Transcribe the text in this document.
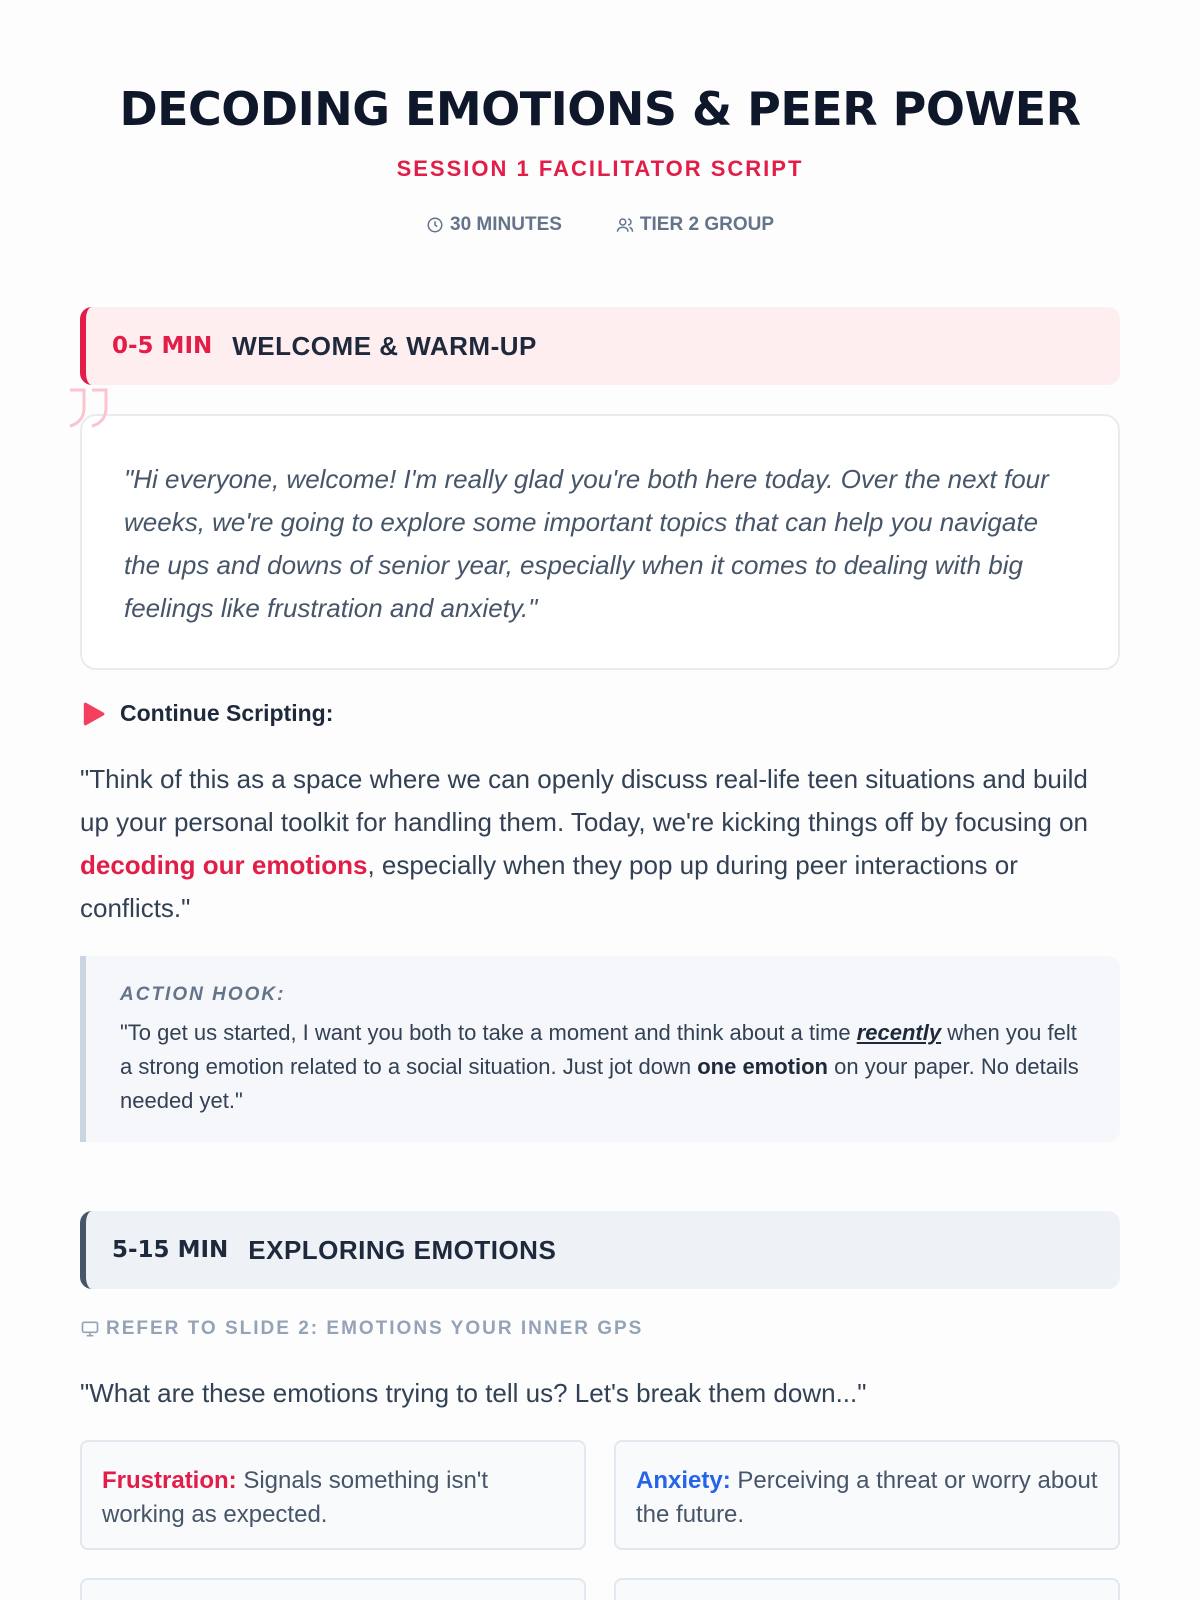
DECODING EMOTIONS & PEER POWER
SESSION 1 FACILITATOR SCRIPT
30 MINUTES	TIER 2 GROUP
0-5 MIN WELCOME & WARM-UP

"Hi everyone, welcome! I'm really glad you're both here today. Over the next four weeks, we're going to explore some important topics that can help you navigate the ups and downs of senior year, especially when it comes to dealing with big feelings like frustration and anxiety."

Continue Scripting:

"Think of this as a space where we can openly discuss real-life teen situations and build up your personal toolkit for handling them. Today, we're kicking things off by focusing on decoding our emotions, especially when they pop up during peer interactions or conflicts."

ACTION HOOK:

"To get us started, I want you both to take a moment and think about a time recently when you felt a strong emotion related to a social situation. Just jot down one emotion on your paper. No details needed yet."

5-15 MIN EXPLORING EMOTIONS
REFER TO SLIDE 2: EMOTIONS YOUR INNER GPS

"What are these emotions trying to tell us? Let's break them down..."

Frustration: Signals something isn't working as expected.
Anxiety: Perceiving a threat or worry about the future.
